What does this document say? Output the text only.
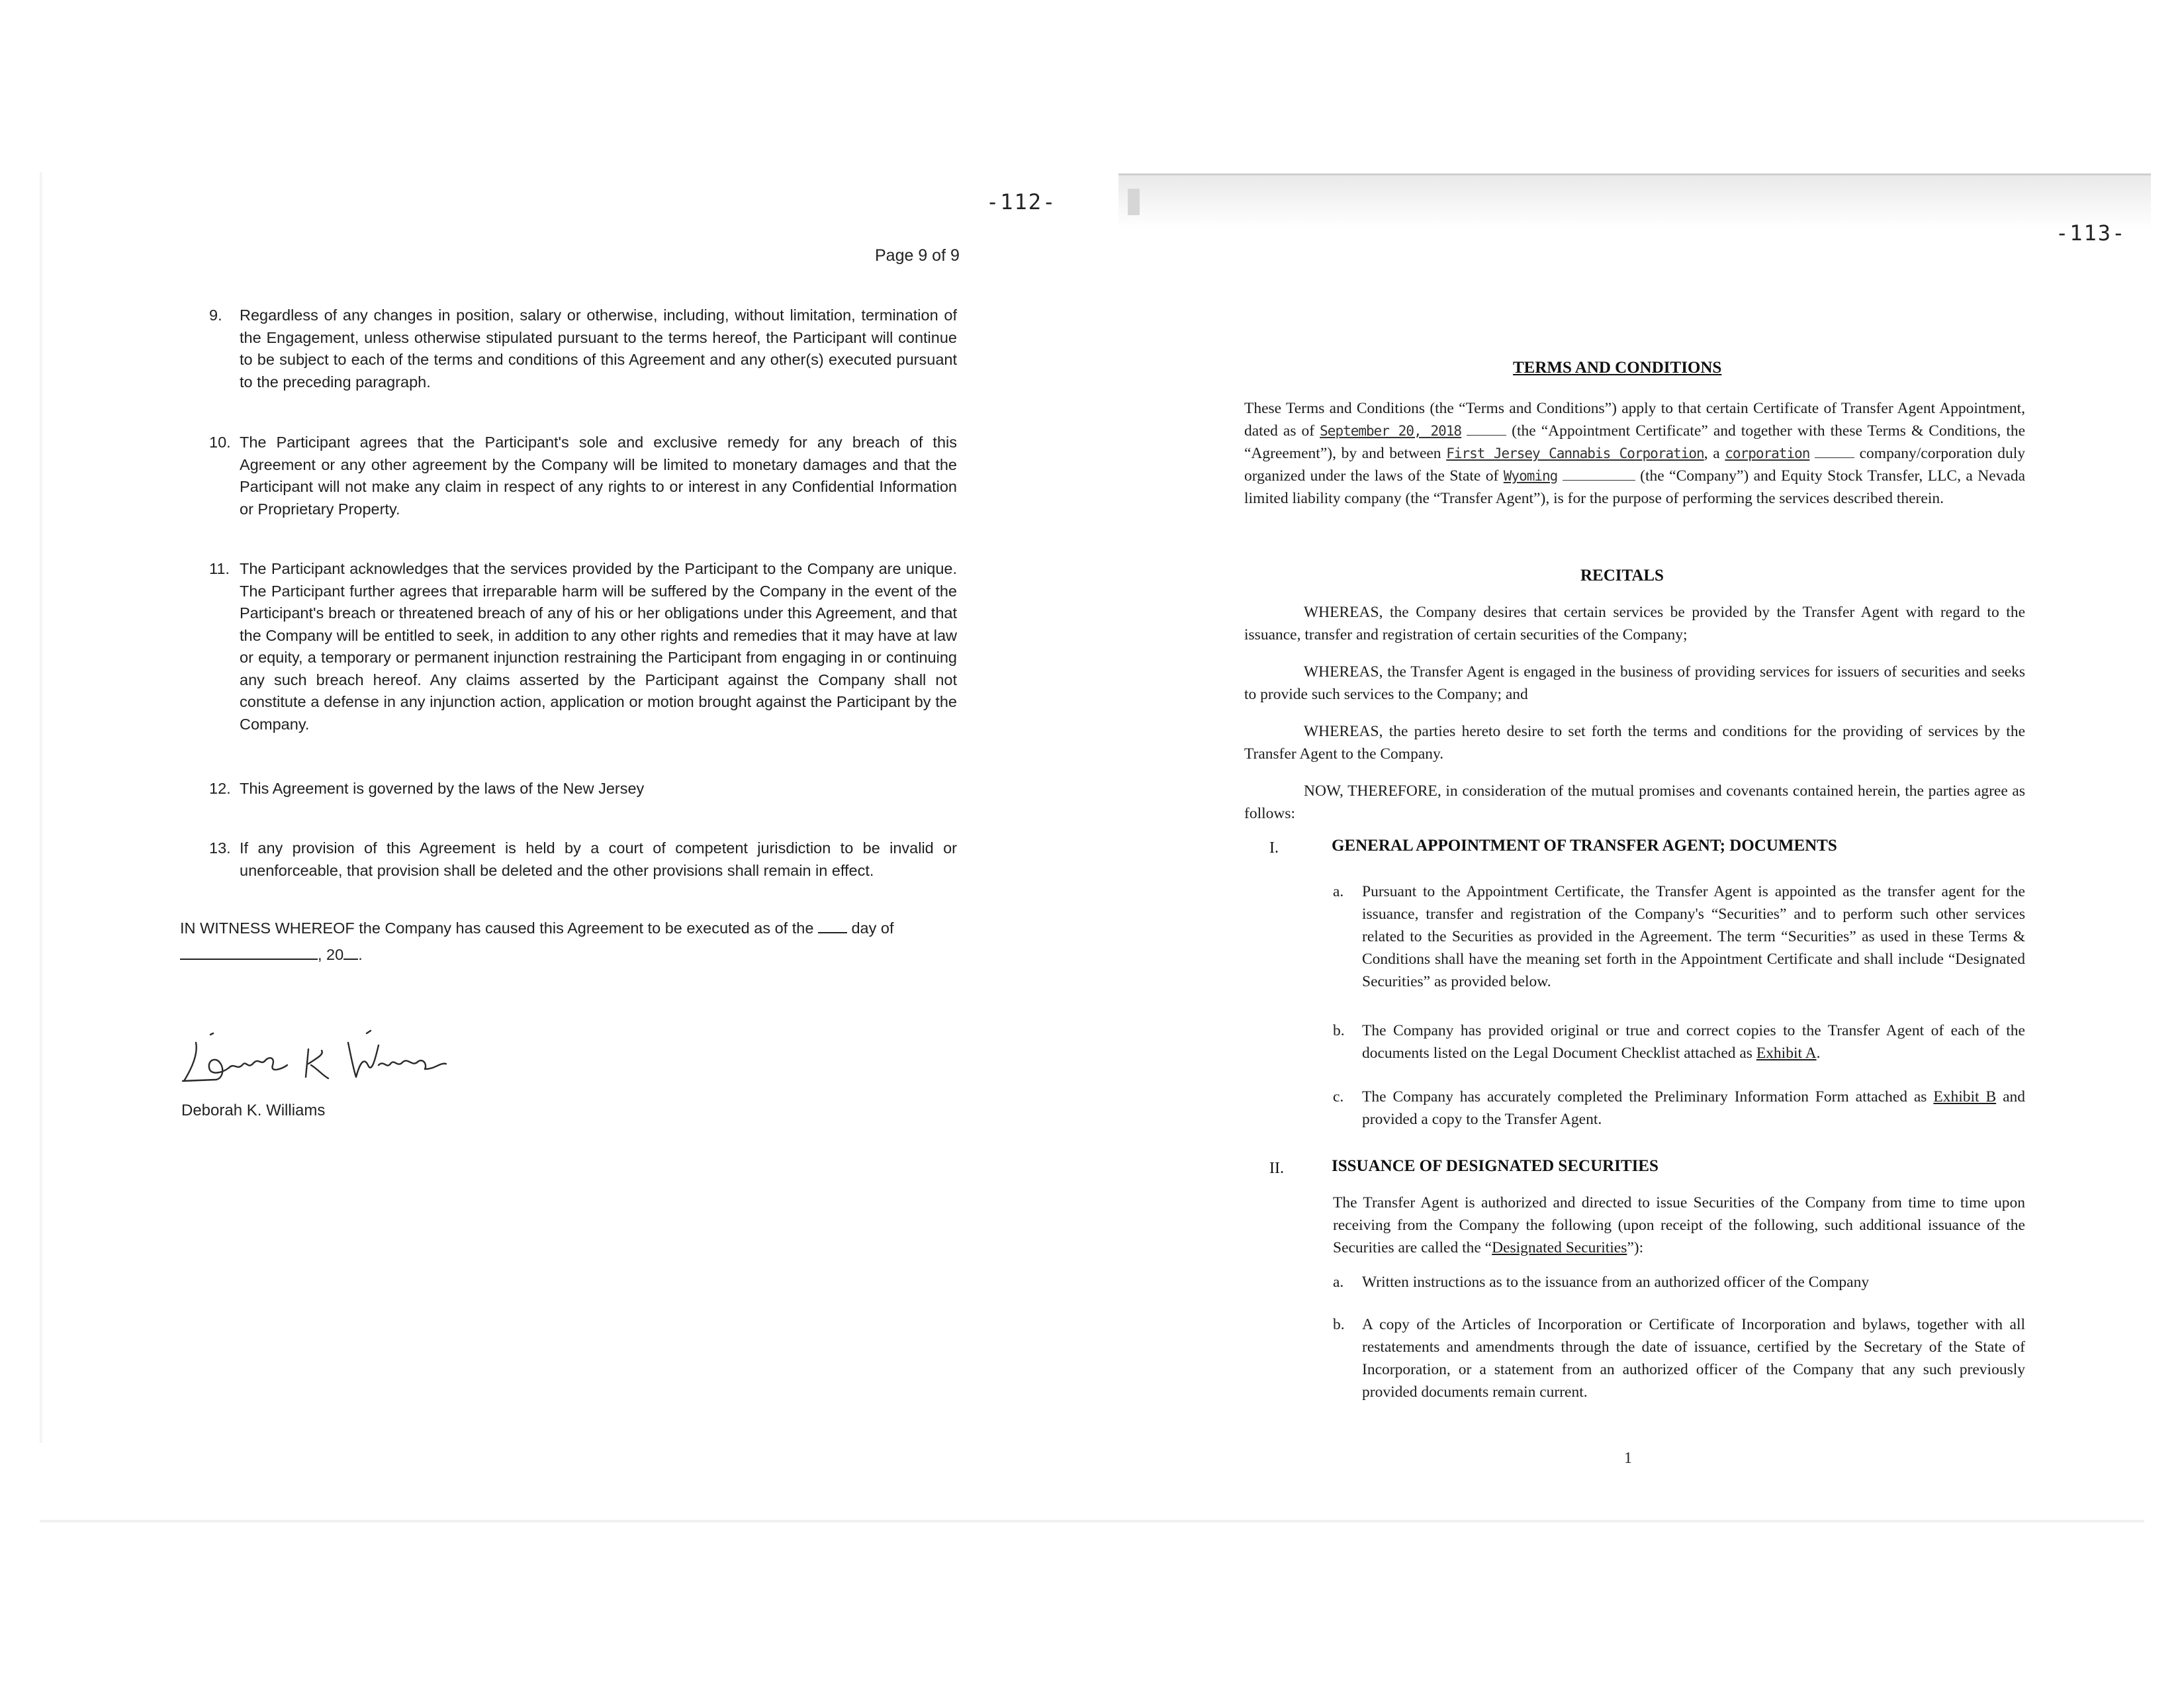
-112-
Page 9 of 9
9. Regardless of any changes in position, salary or otherwise, including, without limitation, termination of the Engagement, unless otherwise stipulated pursuant to the terms hereof, the Participant will continue to be subject to each of the terms and conditions of this Agreement and any other(s) executed pursuant to the preceding paragraph.
10. The Participant agrees that the Participant's sole and exclusive remedy for any breach of this Agreement or any other agreement by the Company will be limited to monetary damages and that the Participant will not make any claim in respect of any rights to or interest in any Confidential Information or Proprietary Property.
11. The Participant acknowledges that the services provided by the Participant to the Company are unique. The Participant further agrees that irreparable harm will be suffered by the Company in the event of the Participant's breach or threatened breach of any of his or her obligations under this Agreement, and that the Company will be entitled to seek, in addition to any other rights and remedies that it may have at law or equity, a temporary or permanent injunction restraining the Participant from engaging in or continuing any such breach hereof. Any claims asserted by the Participant against the Company shall not constitute a defense in any injunction action, application or motion brought against the Participant by the Company.
12. This Agreement is governed by the laws of the New Jersey
13. If any provision of this Agreement is held by a court of competent jurisdiction to be invalid or unenforceable, that provision shall be deleted and the other provisions shall remain in effect.
IN WITNESS WHEREOF the Company has caused this Agreement to be executed as of the day of
, 20 .
Deborah K. Williams
-113-
TERMS AND CONDITIONS
These Terms and Conditions (the “Terms and Conditions”) apply to that certain Certificate of Transfer Agent Appointment, dated as of September 20, 2018	(the “Appointment Certificate” and together with these Terms & Conditions, the “Agreement”), by and between First Jersey Cannabis Corporation, a corporation	company/corporation duly organized under the laws of the State of Wyoming	(the “Company”) and Equity Stock Transfer, LLC, a Nevada limited liability company (the “Transfer Agent”), is for the purpose of performing the services described therein.
RECITALS
WHEREAS, the Company desires that certain services be provided by the Transfer Agent with regard to the issuance, transfer and registration of certain securities of the Company;
WHEREAS, the Transfer Agent is engaged in the business of providing services for issuers of securities and seeks to provide such services to the Company; and
WHEREAS, the parties hereto desire to set forth the terms and conditions for the providing of services by the Transfer Agent to the Company.
NOW, THEREFORE, in consideration of the mutual promises and covenants contained herein, the parties agree as follows:
I.	GENERAL APPOINTMENT OF TRANSFER AGENT; DOCUMENTS
a. Pursuant to the Appointment Certificate, the Transfer Agent is appointed as the transfer agent for the issuance, transfer and registration of the Company's “Securities” and to perform such other services related to the Securities as provided in the Agreement. The term “Securities” as used in these Terms & Conditions shall have the meaning set forth in the Appointment Certificate and shall include “Designated Securities” as provided below.
b. The Company has provided original or true and correct copies to the Transfer Agent of each of the documents listed on the Legal Document Checklist attached as Exhibit A.
c. The Company has accurately completed the Preliminary Information Form attached as Exhibit B and provided a copy to the Transfer Agent.
II.	ISSUANCE OF DESIGNATED SECURITIES
The Transfer Agent is authorized and directed to issue Securities of the Company from time to time upon receiving from the Company the following (upon receipt of the following, such additional issuance of the Securities are called the “Designated Securities”):
a. Written instructions as to the issuance from an authorized officer of the Company
b. A copy of the Articles of Incorporation or Certificate of Incorporation and bylaws, together with all restatements and amendments through the date of issuance, certified by the Secretary of the State of Incorporation, or a statement from an authorized officer of the Company that any such previously provided documents remain current.
1
